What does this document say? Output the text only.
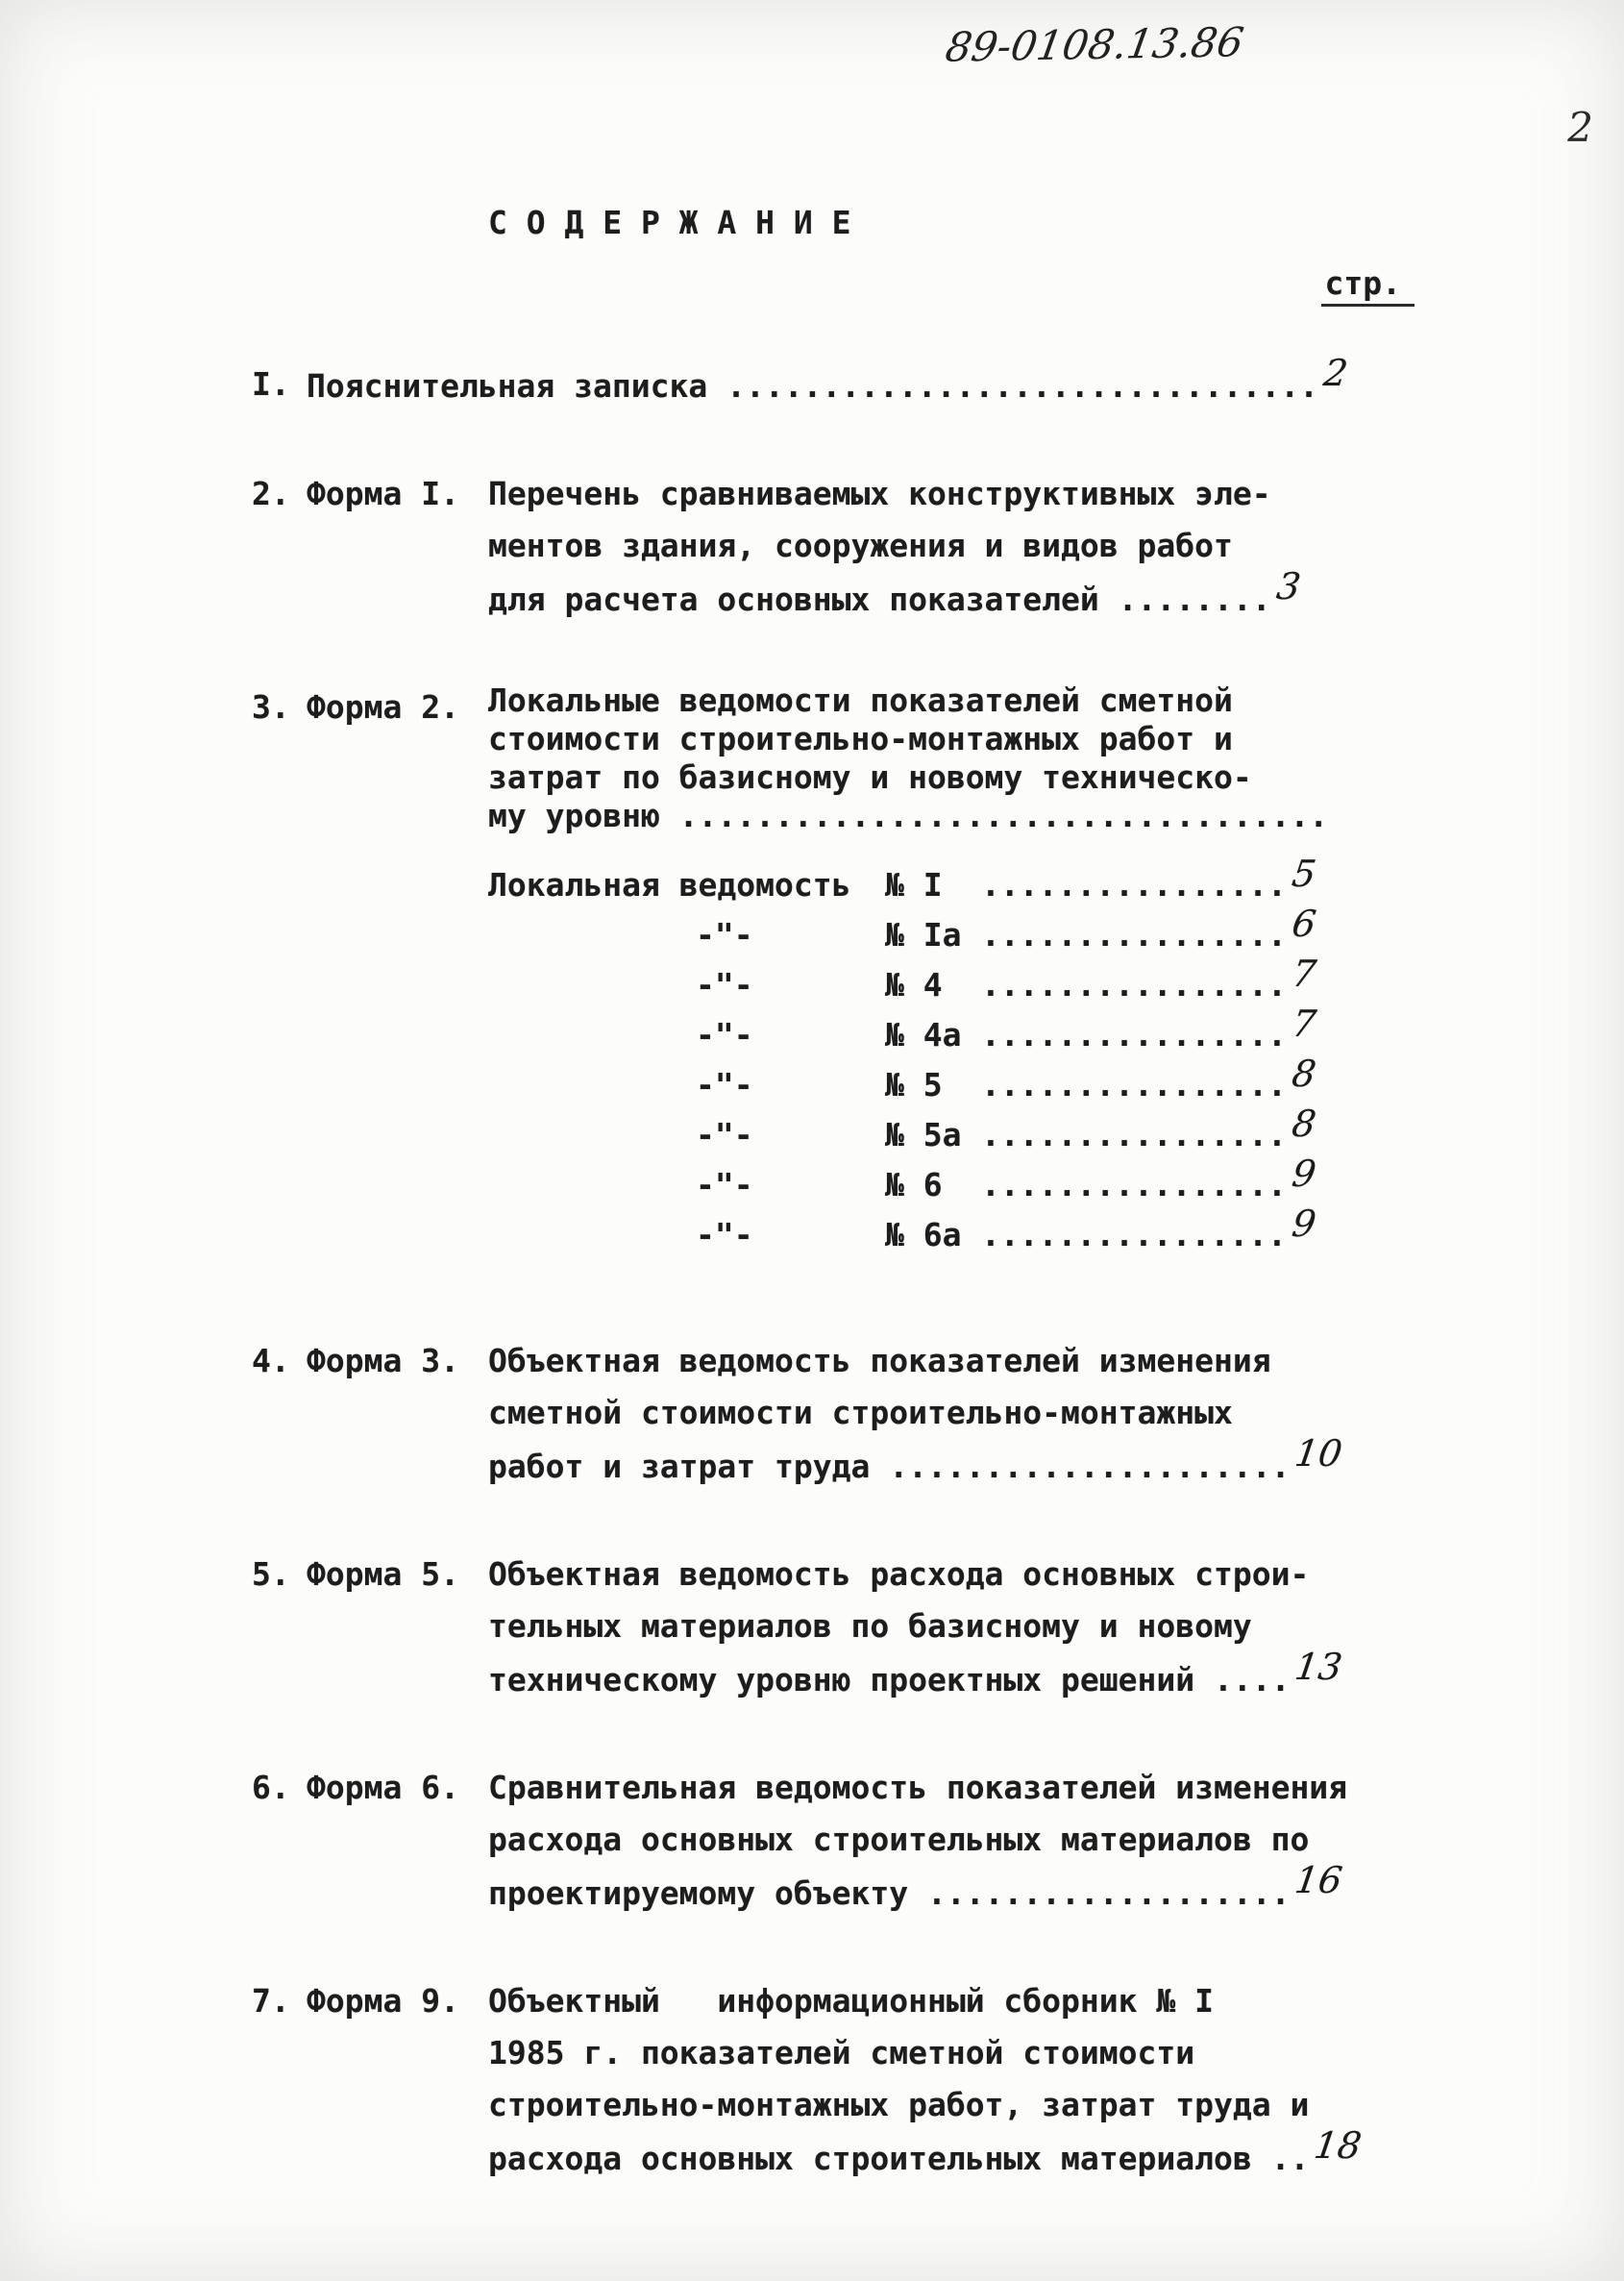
89-0108.13.86
2
С О Д Е Р Ж А Н И Е
стр.
I. Пояснительная записка ...............................2
2. Форма I. Перечень сравниваемых конструктивных эле-
ментов здания, сооружения и видов работ
для расчета основных показателей ........3
3. Форма 2. Локальные ведомости показателей сметной
стоимости строительно-монтажных работ и
затрат по базисному и новому техническо-
му уровню ..................................
Локальная ведомость	№ I	................ 5
-"-	№ Iа ................ 6
-"-	№ 4	................ 7
-"-	№ 4а ................ 7
-"-	№ 5	................ 8
-"-	№ 5а ................ 8
-"-	№ 6	................ 9
-"-	№ 6а ................ 9
4. Форма 3. Объектная ведомость показателей изменения
сметной стоимости строительно-монтажных
работ и затрат труда .....................10
5. Форма 5. Объектная ведомость расхода основных строи-
тельных материалов по базисному и новому
техническому уровню проектных решений ....13
6. Форма 6. Сравнительная ведомость показателей изменения
расхода основных строительных материалов по
проектируемому объекту ...................16
7. Форма 9. Объектный   информационный сборник № I
1985 г. показателей сметной стоимости
строительно-монтажных работ, затрат труда и
расхода основных строительных материалов ..18
